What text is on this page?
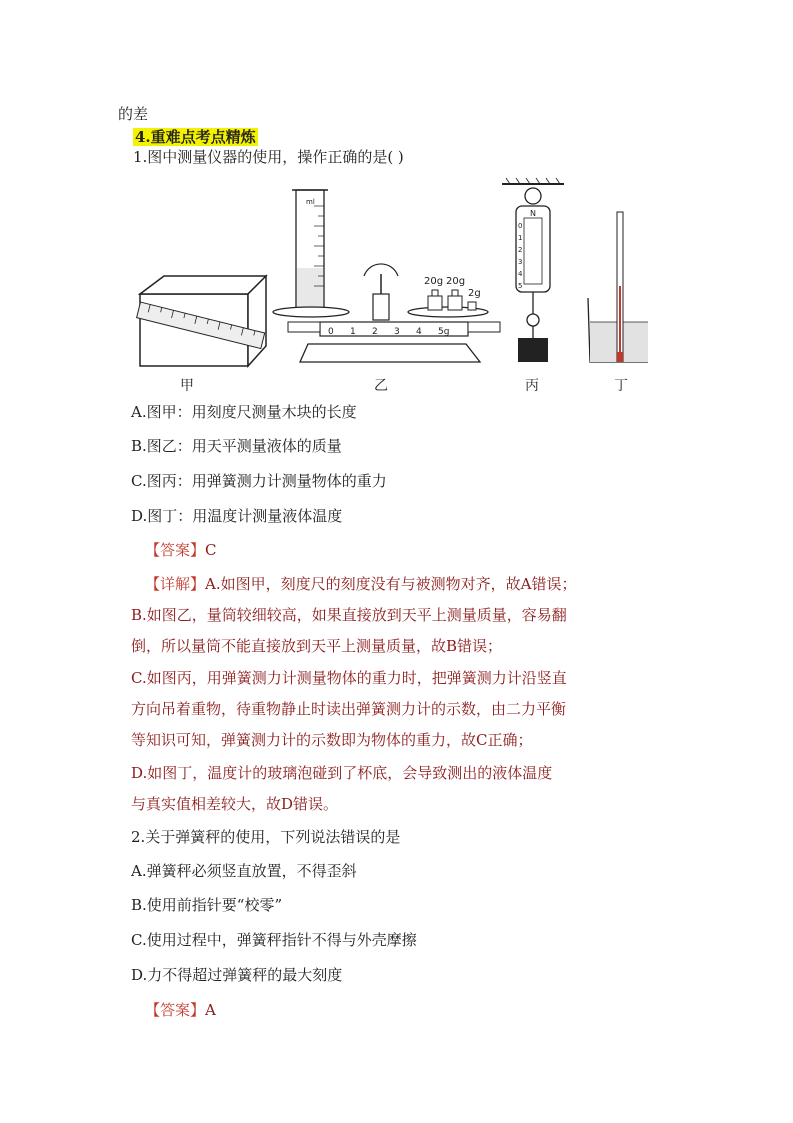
的差
4.重难点考点精炼
1.图中测量仪器的使用，操作正确的是( )
甲
ml
20g 20g
2g
0 1 2 3 4 5g
乙
N
0
1
2
3
4
5
丙	丁
A.图甲：用刻度尺测量木块的长度
B.图乙：用天平测量液体的质量
C.图丙：用弹簧测力计测量物体的重力
D.图丁：用温度计测量液体温度
【答案】C
【详解】A.如图甲，刻度尺的刻度没有与被测物对齐，故A错误；
B.如图乙，量筒较细较高，如果直接放到天平上测量质量，容易翻
倒，所以量筒不能直接放到天平上测量质量，故B错误；
C.如图丙，用弹簧测力计测量物体的重力时，把弹簧测力计沿竖直
方向吊着重物，待重物静止时读出弹簧测力计的示数，由二力平衡
等知识可知，弹簧测力计的示数即为物体的重力，故C正确；
D.如图丁，温度计的玻璃泡碰到了杯底，会导致测出的液体温度
与真实值相差较大，故D错误。
2.关于弹簧秤的使用，下列说法错误的是
A.弹簧秤必须竖直放置，不得歪斜
B.使用前指针要“校零”
C.使用过程中，弹簧秤指针不得与外壳摩擦
D.力不得超过弹簧秤的最大刻度
【答案】A
